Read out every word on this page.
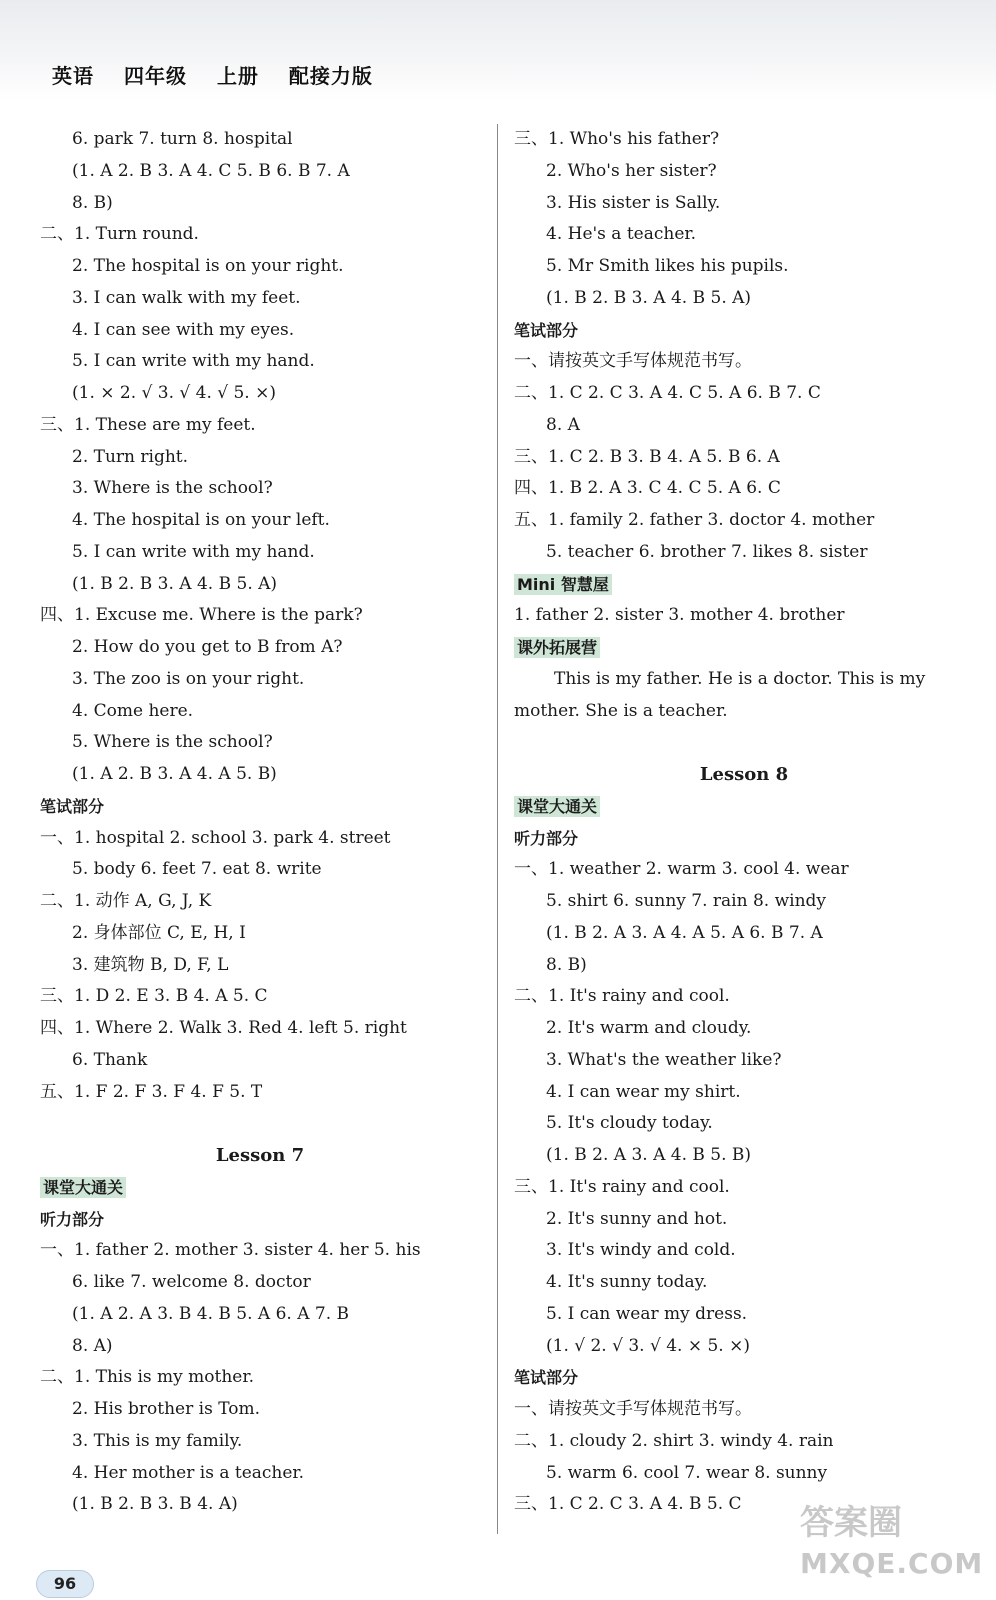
英语 四年级 上册 配接力版
6. park 7. turn 8. hospital
(1. A 2. B 3. A 4. C 5. B 6. B 7. A
8. B)
二、1. Turn round.
2. The hospital is on your right.
3. I can walk with my feet.
4. I can see with my eyes.
5. I can write with my hand.
(1. × 2. √ 3. √ 4. √ 5. ×)
三、1. These are my feet.
2. Turn right.
3. Where is the school?
4. The hospital is on your left.
5. I can write with my hand.
(1. B 2. B 3. A 4. B 5. A)
四、1. Excuse me. Where is the park?
2. How do you get to B from A?
3. The zoo is on your right.
4. Come here.
5. Where is the school?
(1. A 2. B 3. A 4. A 5. B)
笔试部分
一、1. hospital 2. school 3. park 4. street
5. body 6. feet 7. eat 8. write
二、1. 动作 A, G, J, K
2. 身体部位 C, E, H, I
3. 建筑物 B, D, F, L
三、1. D 2. E 3. B 4. A 5. C
四、1. Where 2. Walk 3. Red 4. left 5. right
6. Thank
五、1. F 2. F 3. F 4. F 5. T
Lesson 7
课堂大通关
听力部分
一、1. father 2. mother 3. sister 4. her 5. his
6. like 7. welcome 8. doctor
(1. A 2. A 3. B 4. B 5. A 6. A 7. B
8. A)
二、1. This is my mother.
2. His brother is Tom.
3. This is my family.
4. Her mother is a teacher.
(1. B 2. B 3. B 4. A)
三、1. Who's his father?
2. Who's her sister?
3. His sister is Sally.
4. He's a teacher.
5. Mr Smith likes his pupils.
(1. B 2. B 3. A 4. B 5. A)
笔试部分
一、请按英文手写体规范书写。
二、1. C 2. C 3. A 4. C 5. A 6. B 7. C
8. A
三、1. C 2. B 3. B 4. A 5. B 6. A
四、1. B 2. A 3. C 4. C 5. A 6. C
五、1. family 2. father 3. doctor 4. mother
5. teacher 6. brother 7. likes 8. sister
Mini 智慧屋
1. father 2. sister 3. mother 4. brother
课外拓展营
This is my father. He is a doctor. This is my
mother. She is a teacher.
Lesson 8
课堂大通关
听力部分
一、1. weather 2. warm 3. cool 4. wear
5. shirt 6. sunny 7. rain 8. windy
(1. B 2. A 3. A 4. A 5. A 6. B 7. A
8. B)
二、1. It's rainy and cool.
2. It's warm and cloudy.
3. What's the weather like?
4. I can wear my shirt.
5. It's cloudy today.
(1. B 2. A 3. A 4. B 5. B)
三、1. It's rainy and cool.
2. It's sunny and hot.
3. It's windy and cold.
4. It's sunny today.
5. I can wear my dress.
(1. √ 2. √ 3. √ 4. × 5. ×)
笔试部分
一、请按英文手写体规范书写。
二、1. cloudy 2. shirt 3. windy 4. rain
5. warm 6. cool 7. wear 8. sunny
三、1. C 2. C 3. A 4. B 5. C
96
答案圈
MXQE.COM
